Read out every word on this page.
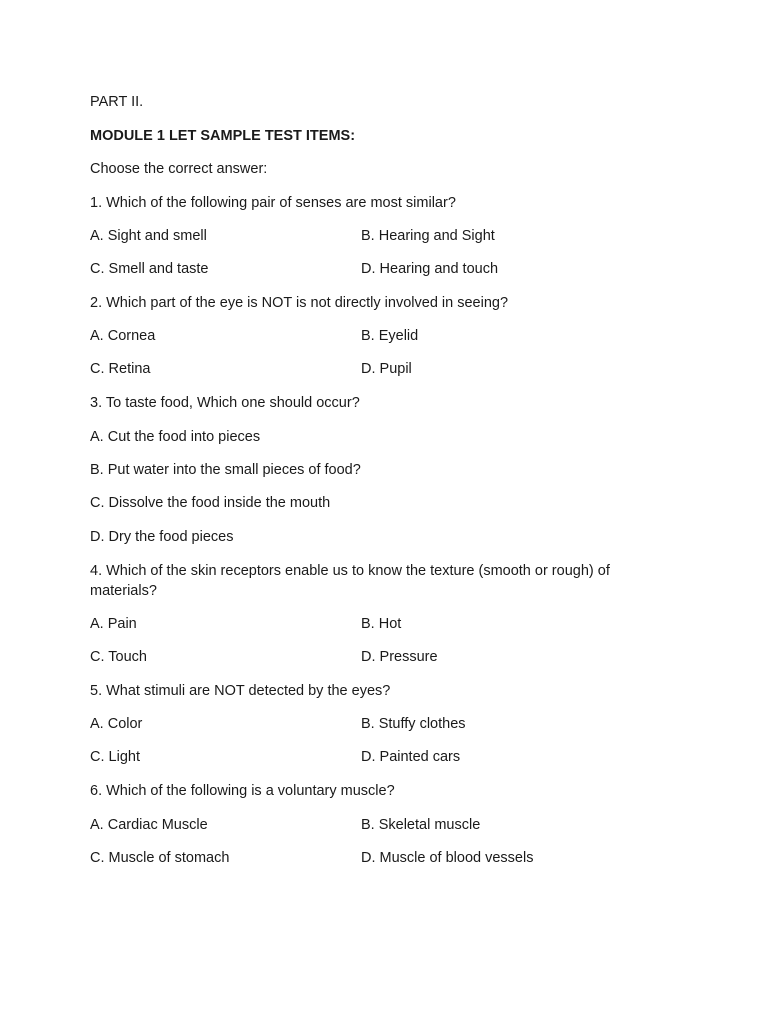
PART II.
MODULE 1 LET SAMPLE TEST ITEMS:
Choose the correct answer:
1. Which of the following pair of senses are most similar?
A. Sight and smell	B. Hearing and Sight
C. Smell and taste	D. Hearing and touch
2. Which part of the eye is NOT is not directly involved in seeing?
A. Cornea	B. Eyelid
C. Retina	D. Pupil
3. To taste food, Which one should occur?
A. Cut the food into pieces
B. Put water into the small pieces of food?
C. Dissolve the food inside the mouth
D. Dry the food pieces
4. Which of the skin receptors enable us to know the texture (smooth or rough) of materials?
A. Pain	B. Hot
C. Touch	D. Pressure
5. What stimuli are NOT detected by the eyes?
A. Color	B. Stuffy clothes
C. Light	D. Painted cars
6. Which of the following is a voluntary muscle?
A. Cardiac Muscle	B. Skeletal muscle
C. Muscle of stomach	D. Muscle of blood vessels
